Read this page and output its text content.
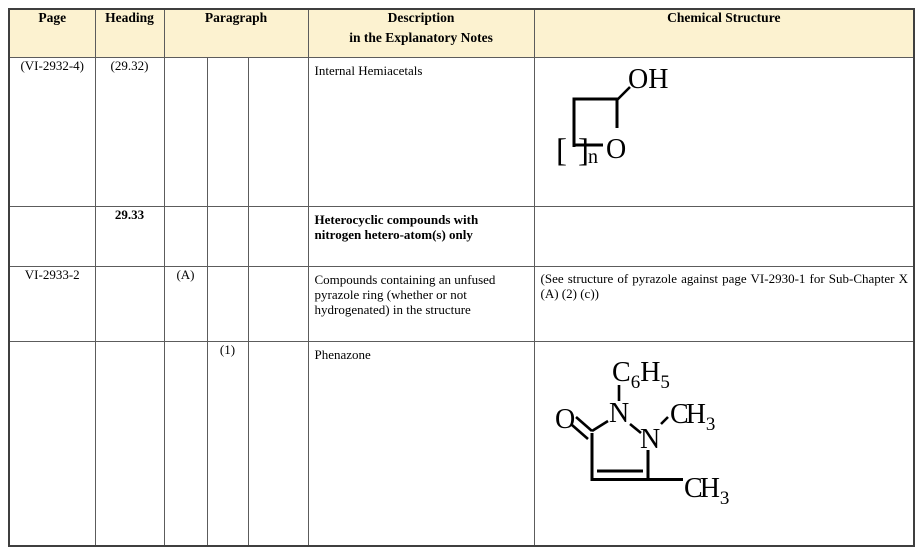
Page	Heading	Paragraph			Description
in the Explanatory Notes	Chemical Structure
(VI-2932-4)	(29.32)				Internal Hemiacetals	OH
[ ] n O

	29.33				Heterocyclic compounds with nitrogen hetero-atom(s) only	

VI-2933-2		(A)			Compounds containing an unfused pyrazole ring (whether or not hydrogenated) in the structure	(See structure of pyrazole against page VI-2930-1 for Sub-Chapter X (A) (2) (c))

			(1)		Phenazone

$C_6H_5$
N
O
N
$CH_3$
$CH_3$
